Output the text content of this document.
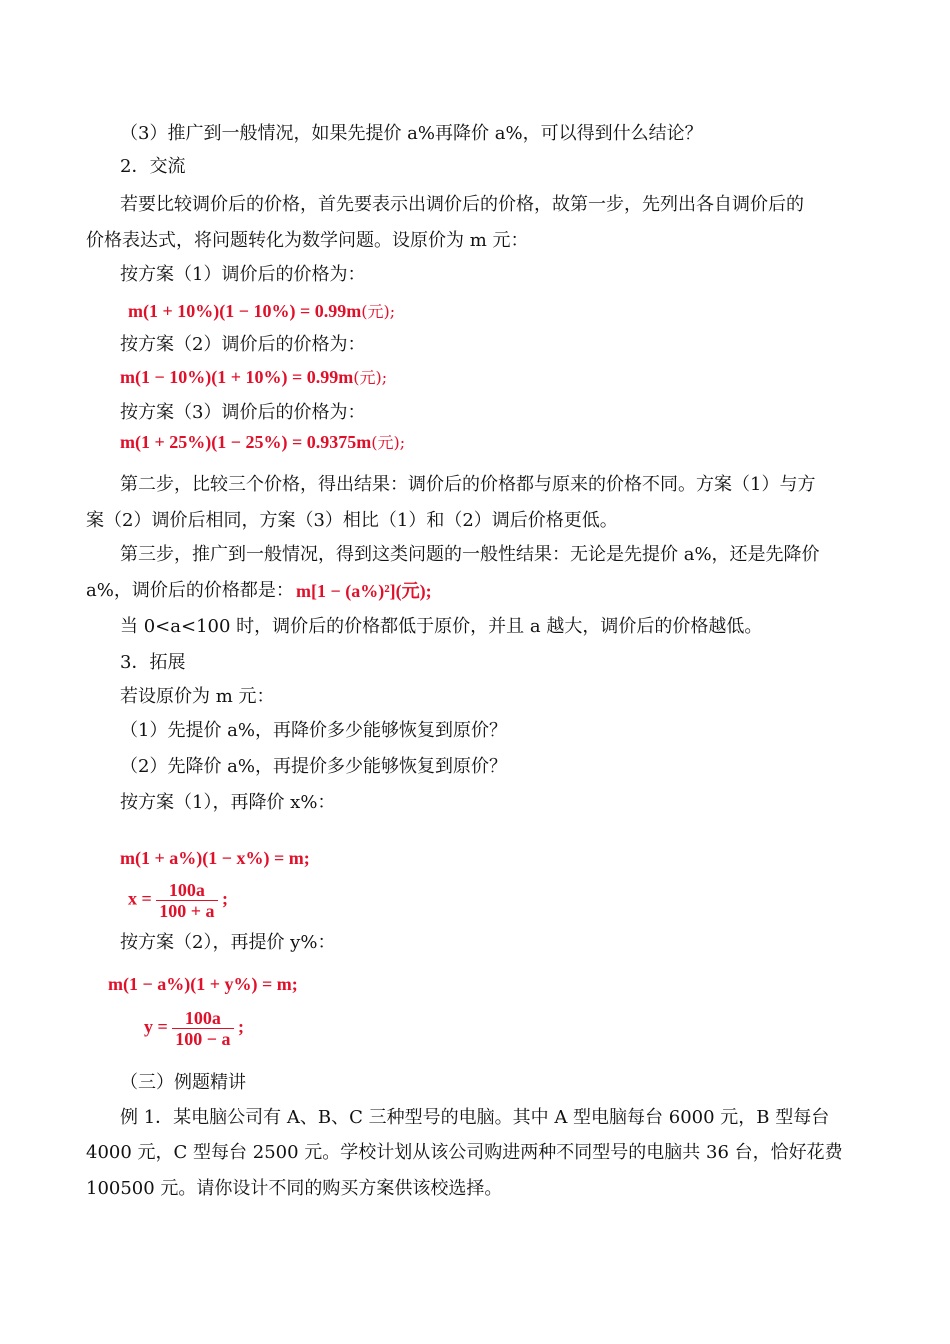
（3）推广到一般情况，如果先提价 a%再降价 a%，可以得到什么结论？
2．交流
若要比较调价后的价格，首先要表示出调价后的价格，故第一步，先列出各自调价后的
价格表达式，将问题转化为数学问题。设原价为 m 元：
按方案（1）调价后的价格为：
m(1 + 10%)(1 − 10%) = 0.99m(元);
按方案（2）调价后的价格为：
m(1 − 10%)(1 + 10%) = 0.99m(元);
按方案（3）调价后的价格为：
m(1 + 25%)(1 − 25%) = 0.9375m(元);
第二步，比较三个价格，得出结果：调价后的价格都与原来的价格不同。方案（1）与方
案（2）调价后相同，方案（3）相比（1）和（2）调后价格更低。
第三步，推广到一般情况，得到这类问题的一般性结果：无论是先提价 a%，还是先降价
a%，调价后的价格都是： m[1 − (a%)²](元);
当 0<a<100 时，调价后的价格都低于原价，并且 a 越大，调价后的价格越低。
3．拓展
若设原价为 m 元：
（1）先提价 a%，再降价多少能够恢复到原价？
（2）先降价 a%，再提价多少能够恢复到原价？
按方案（1），再降价 x%：
m(1 + a%)(1 − x%) = m;
$x = \frac{100a}{100 + a}$ ;
按方案（2），再提价 y%：
m(1 − a%)(1 + y%) = m;
$y = \frac{100a}{100 - a}$ ;
（三）例题精讲
例 1．某电脑公司有 A、B、C 三种型号的电脑。其中 A 型电脑每台 6000 元，B 型每台
4000 元，C 型每台 2500 元。学校计划从该公司购进两种不同型号的电脑共 36 台，恰好花费
100500 元。请你设计不同的购买方案供该校选择。
